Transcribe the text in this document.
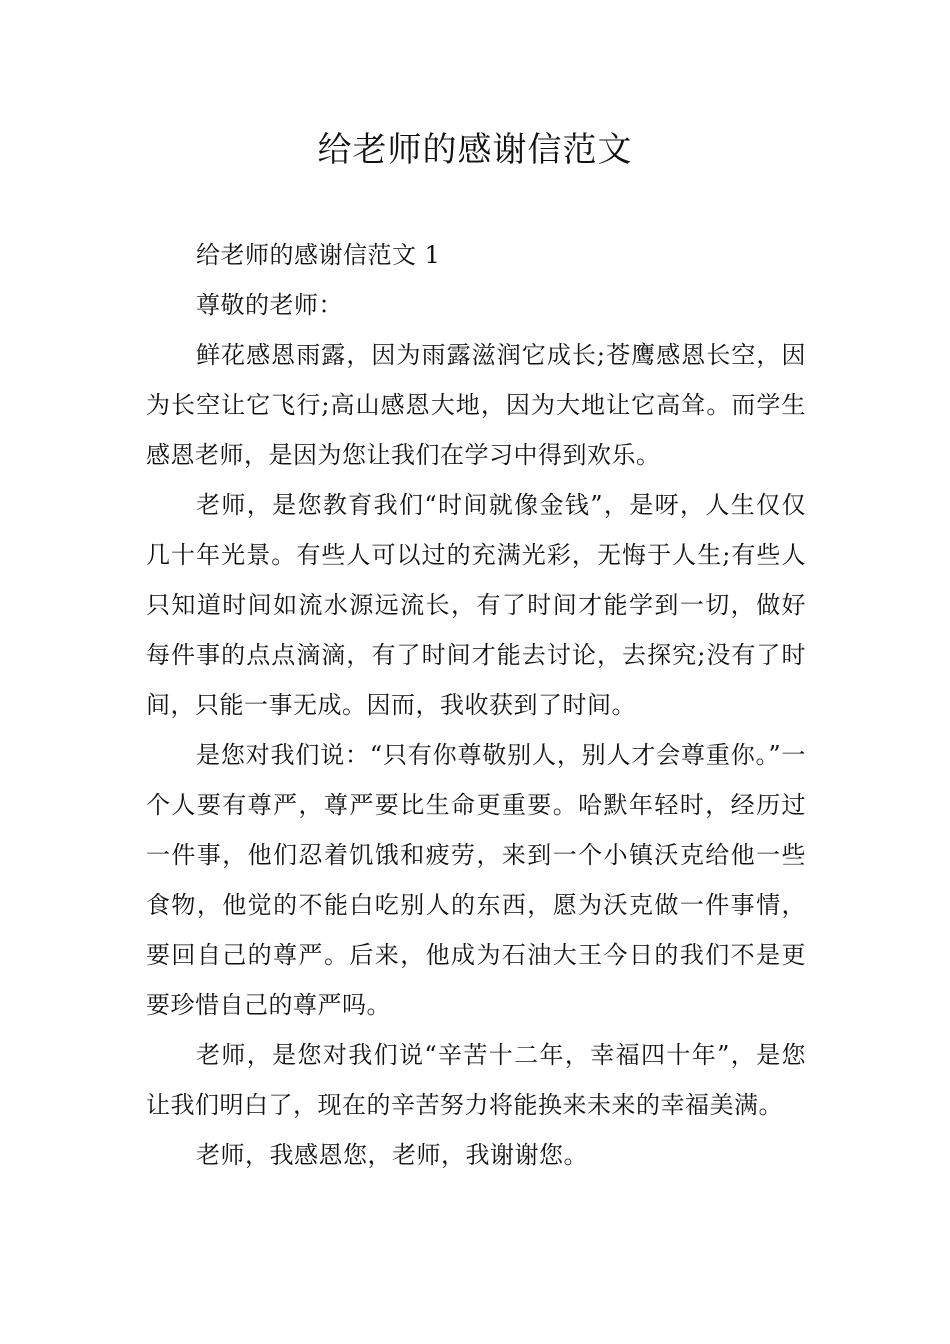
给老师的感谢信范文

给老师的感谢信范文 1

尊敬的老师：

鲜花感恩雨露，因为雨露滋润它成长;苍鹰感恩长空，因为长空让它飞行;高山感恩大地，因为大地让它高耸。而学生感恩老师，是因为您让我们在学习中得到欢乐。

老师，是您教育我们“时间就像金钱”，是呀，人生仅仅几十年光景。有些人可以过的充满光彩，无悔于人生;有些人只知道时间如流水源远流长，有了时间才能学到一切，做好每件事的点点滴滴，有了时间才能去讨论，去探究;没有了时间，只能一事无成。因而，我收获到了时间。

是您对我们说：“只有你尊敬别人，别人才会尊重你。”一个人要有尊严，尊严要比生命更重要。哈默年轻时，经历过一件事，他们忍着饥饿和疲劳，来到一个小镇沃克给他一些食物，他觉的不能白吃别人的东西，愿为沃克做一件事情，要回自己的尊严。后来，他成为石油大王今日的我们不是更要珍惜自己的尊严吗。

老师，是您对我们说“辛苦十二年，幸福四十年”，是您让我们明白了，现在的辛苦努力将能换来未来的幸福美满。

老师，我感恩您，老师，我谢谢您。
